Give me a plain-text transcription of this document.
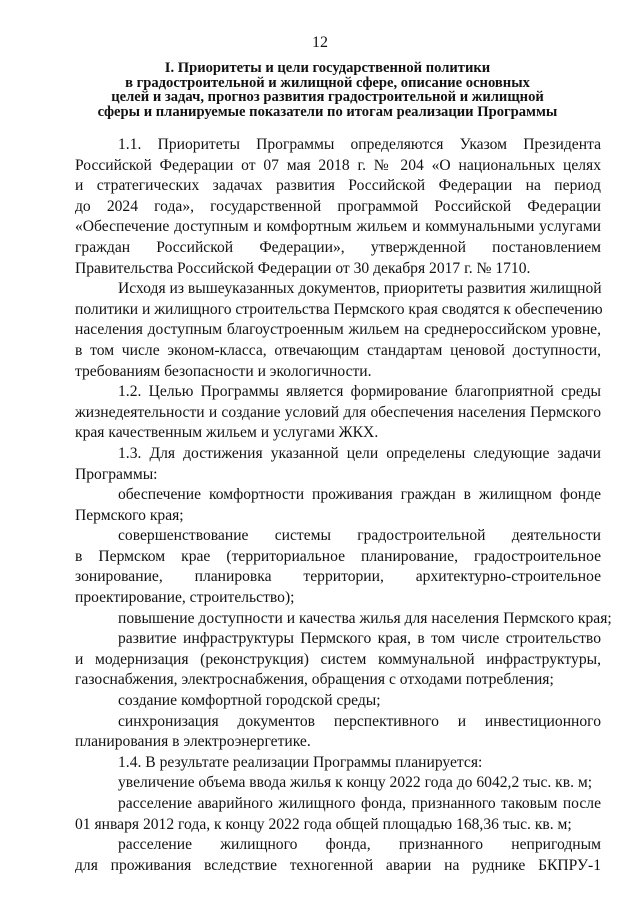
12
I. Приоритеты и цели государственной политики
в градостроительной и жилищной сфере, описание основных
целей и задач, прогноз развития градостроительной и жилищной
сферы и планируемые показатели по итогам реализации Программы

1.1. Приоритеты Программы определяются Указом Президента
Российской Федерации от 07 мая 2018 г. № 204 «О национальных целях
и стратегических задачах развития Российской Федерации на период
до 2024 года», государственной программой Российской Федерации
«Обеспечение доступным и комфортным жильем и коммунальными услугами
граждан Российской Федерации», утвержденной постановлением
Правительства Российской Федерации от 30 декабря 2017 г. № 1710.

Исходя из вышеуказанных документов, приоритеты развития жилищной
политики и жилищного строительства Пермского края сводятся к обеспечению
населения доступным благоустроенным жильем на среднероссийском уровне,
в том числе эконом-класса, отвечающим стандартам ценовой доступности,
требованиям безопасности и экологичности.

1.2. Целью Программы является формирование благоприятной среды
жизнедеятельности и создание условий для обеспечения населения Пермского
края качественным жильем и услугами ЖКХ.

1.3. Для достижения указанной цели определены следующие задачи
Программы:

обеспечение комфортности проживания граждан в жилищном фонде
Пермского края;

совершенствование системы градостроительной деятельности
в Пермском крае (территориальное планирование, градостроительное
зонирование, планировка территории, архитектурно-строительное
проектирование, строительство);

повышение доступности и качества жилья для населения Пермского края;

развитие инфраструктуры Пермского края, в том числе строительство
и модернизация (реконструкция) систем коммунальной инфраструктуры,
газоснабжения, электроснабжения, обращения с отходами потребления;

создание комфортной городской среды;

синхронизация документов перспективного и инвестиционного
планирования в электроэнергетике.

1.4. В результате реализации Программы планируется:

увеличение объема ввода жилья к концу 2022 года до 6042,2 тыс. кв. м;

расселение аварийного жилищного фонда, признанного таковым после
01 января 2012 года, к концу 2022 года общей площадью 168,36 тыс. кв. м;

расселение жилищного фонда, признанного непригодным
для проживания вследствие техногенной аварии на руднике БКПРУ-1
